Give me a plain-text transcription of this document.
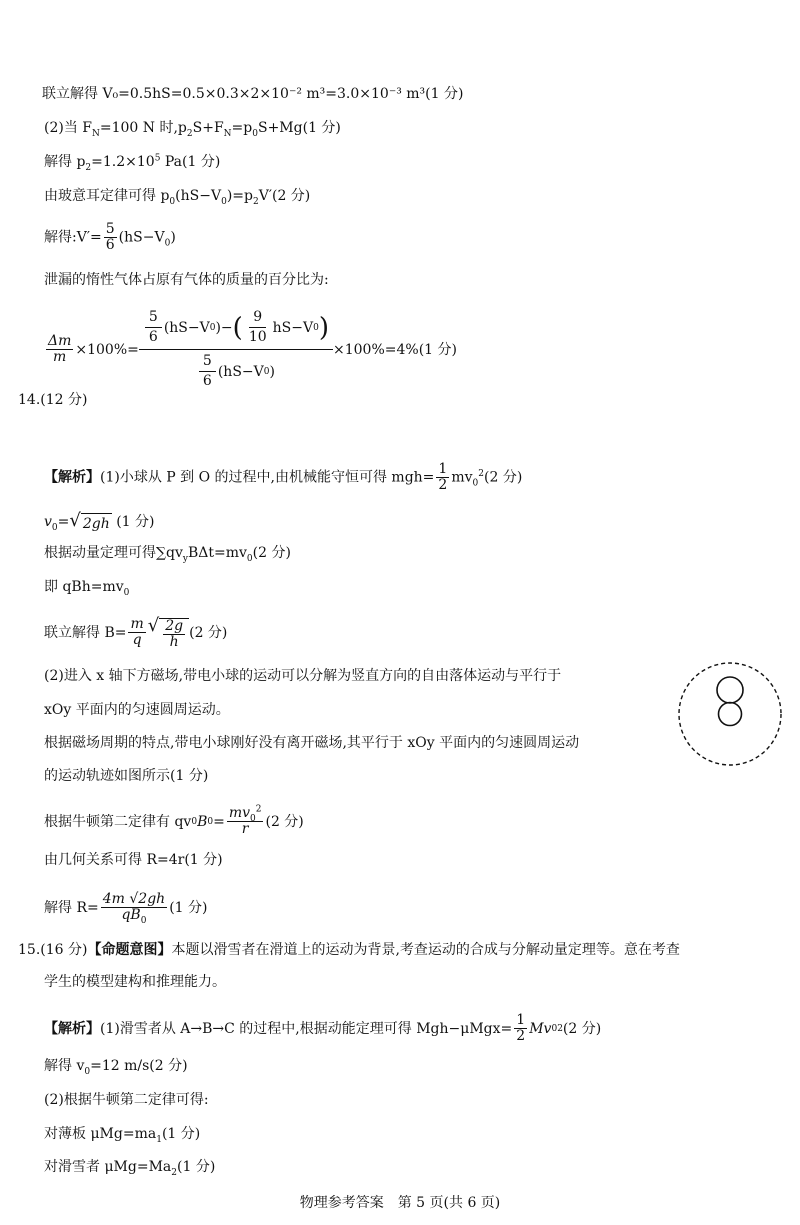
联立解得 V₀=0.5hS=0.5×0.3×2×10⁻² m³=3.0×10⁻³ m³(1 分)
(2)当 $F_N=100$ N 时$,p_2S+F_N=p_0S+Mg(1$ 分)
解得 $p_2=1.2\times 10^5$ Pa(1 分)
由玻意耳定律可得 $p_0(hS-V_0)=p_2V'(2$ 分)
解得:V′= $\frac{5}{6} (hS-V_0)$
泄漏的惰性气体占原有气体的质量的百分比为:
$\frac{\Delta m}{m} \times 100\%= \frac{\frac{5}{6} (hS-V 0 )- ( \frac{9}{10} hS-V 0 )}{\frac{5}{6} (hS-V 0 )} \times 100\%=4\%(1$ 分)
14.(12 分)
【解析】(1)小球从 P 到 O 的过程中,由机械能守恒可得 $mgh= \frac{1}{2} mv_0^2(2$ 分)
$v_0=$ √ 2gh (1 分)
根据动量定理可得$\sum qv_yB\Delta t=mv_0(2$ 分)
即 $qBh=mv_0$
联立解得 $B= \frac{m}{q}$ √ $\frac{2g}{h} (2$ 分)
(2)进入 x 轴下方磁场,带电小球的运动可以分解为竖直方向的自由落体运动与平行于
xOy 平面内的匀速圆周运动。
根据磁场周期的特点,带电小球刚好没有离开磁场,其平行于 xOy 平面内的匀速圆周运动
的运动轨迹如图所示(1 分)
根据牛顿第二定律有 qv 0 B $0 = \frac{mv_0^2}{r} (2$ 分)
由几何关系可得 R=4r(1 分)
解得 $R= \frac{4m √2gh}{qB_0} (1$ 分)
15.(16 分)【命题意图】本题以滑雪者在滑道上的运动为背景,考查运动的合成与分解动量定理等。意在考查
学生的模型建构和推理能力。
【解析】 (1)滑雪者从 A→B→C 的过程中,根据动能定理可得 $Mgh-\mu Mgx= \frac{1}{2}$ Mv 0 2 (2 分)
解得 $v_0=12$ m/s(2 分)
(2)根据牛顿第二定律可得:
对薄板 $\mu Mg=ma_1(1$ 分)
对滑雪者 $\mu Mg=Ma_2(1$ 分)
物理参考答案　第 5 页(共 6 页)
